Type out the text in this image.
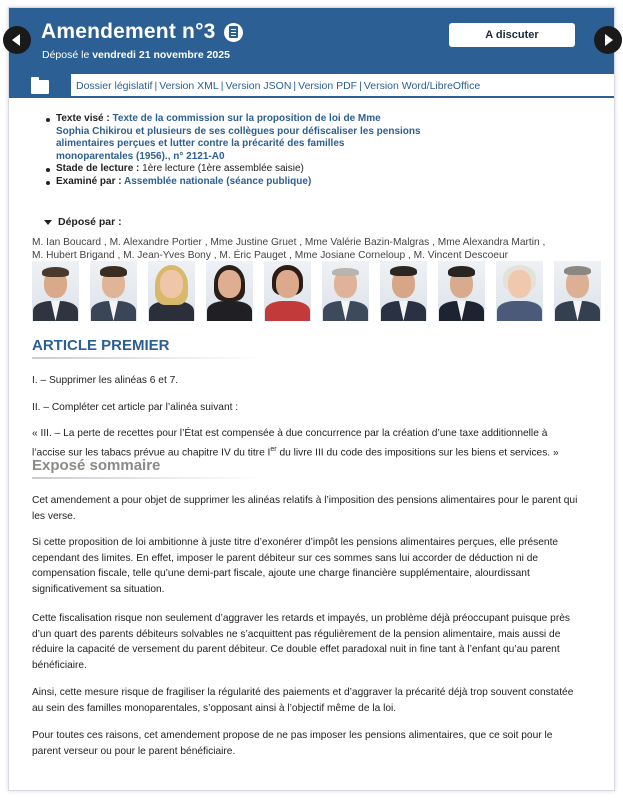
Amendement n°3
Déposé le vendredi 21 novembre 2025
A discuter
Dossier législatif | Version XML | Version JSON | Version PDF | Version Word/LibreOffice
Texte visé : Texte de la commission sur la proposition de loi de Mme
Sophia Chikirou et plusieurs de ses collègues pour défiscaliser les pensions
alimentaires perçues et lutter contre la précarité des familles
monoparentales (1956)., n° 2121-A0
Stade de lecture : 1ère lecture (1ère assemblée saisie)
Examiné par : Assemblée nationale (séance publique)
Déposé par :
M. Ian Boucard , M. Alexandre Portier , Mme Justine Gruet , Mme Valérie Bazin-Malgras , Mme Alexandra Martin ,
M. Hubert Brigand , M. Jean-Yves Bony , M. Éric Pauget , Mme Josiane Corneloup , M. Vincent Descoeur
ARTICLE PREMIER
I. – Supprimer les alinéas 6 et 7.
II. – Compléter cet article par l’alinéa suivant :
« III. – La perte de recettes pour l’État est compensée à due concurrence par la création d’une taxe additionnelle à l’accise sur les tabacs prévue au chapitre IV du titre Ier du livre III du code des impositions sur les biens et services. »
Exposé sommaire
Cet amendement a pour objet de supprimer les alinéas relatifs à l’imposition des pensions alimentaires pour le parent qui les verse.
Si cette proposition de loi ambitionne à juste titre d’exonérer d’impôt les pensions alimentaires perçues, elle présente cependant des limites. En effet, imposer le parent débiteur sur ces sommes sans lui accorder de déduction ni de compensation fiscale, telle qu’une demi-part fiscale, ajoute une charge financière supplémentaire, alourdissant significativement sa situation.
Cette fiscalisation risque non seulement d’aggraver les retards et impayés, un problème déjà préoccupant puisque près d’un quart des parents débiteurs solvables ne s’acquittent pas régulièrement de la pension alimentaire, mais aussi de réduire la capacité de versement du parent débiteur. Ce double effet paradoxal nuit in fine tant à l’enfant qu’au parent bénéficiaire.
Ainsi, cette mesure risque de fragiliser la régularité des paiements et d’aggraver la précarité déjà trop souvent constatée au sein des familles monoparentales, s’opposant ainsi à l’objectif même de la loi.
Pour toutes ces raisons, cet amendement propose de ne pas imposer les pensions alimentaires, que ce soit pour le parent verseur ou pour le parent bénéficiaire.
